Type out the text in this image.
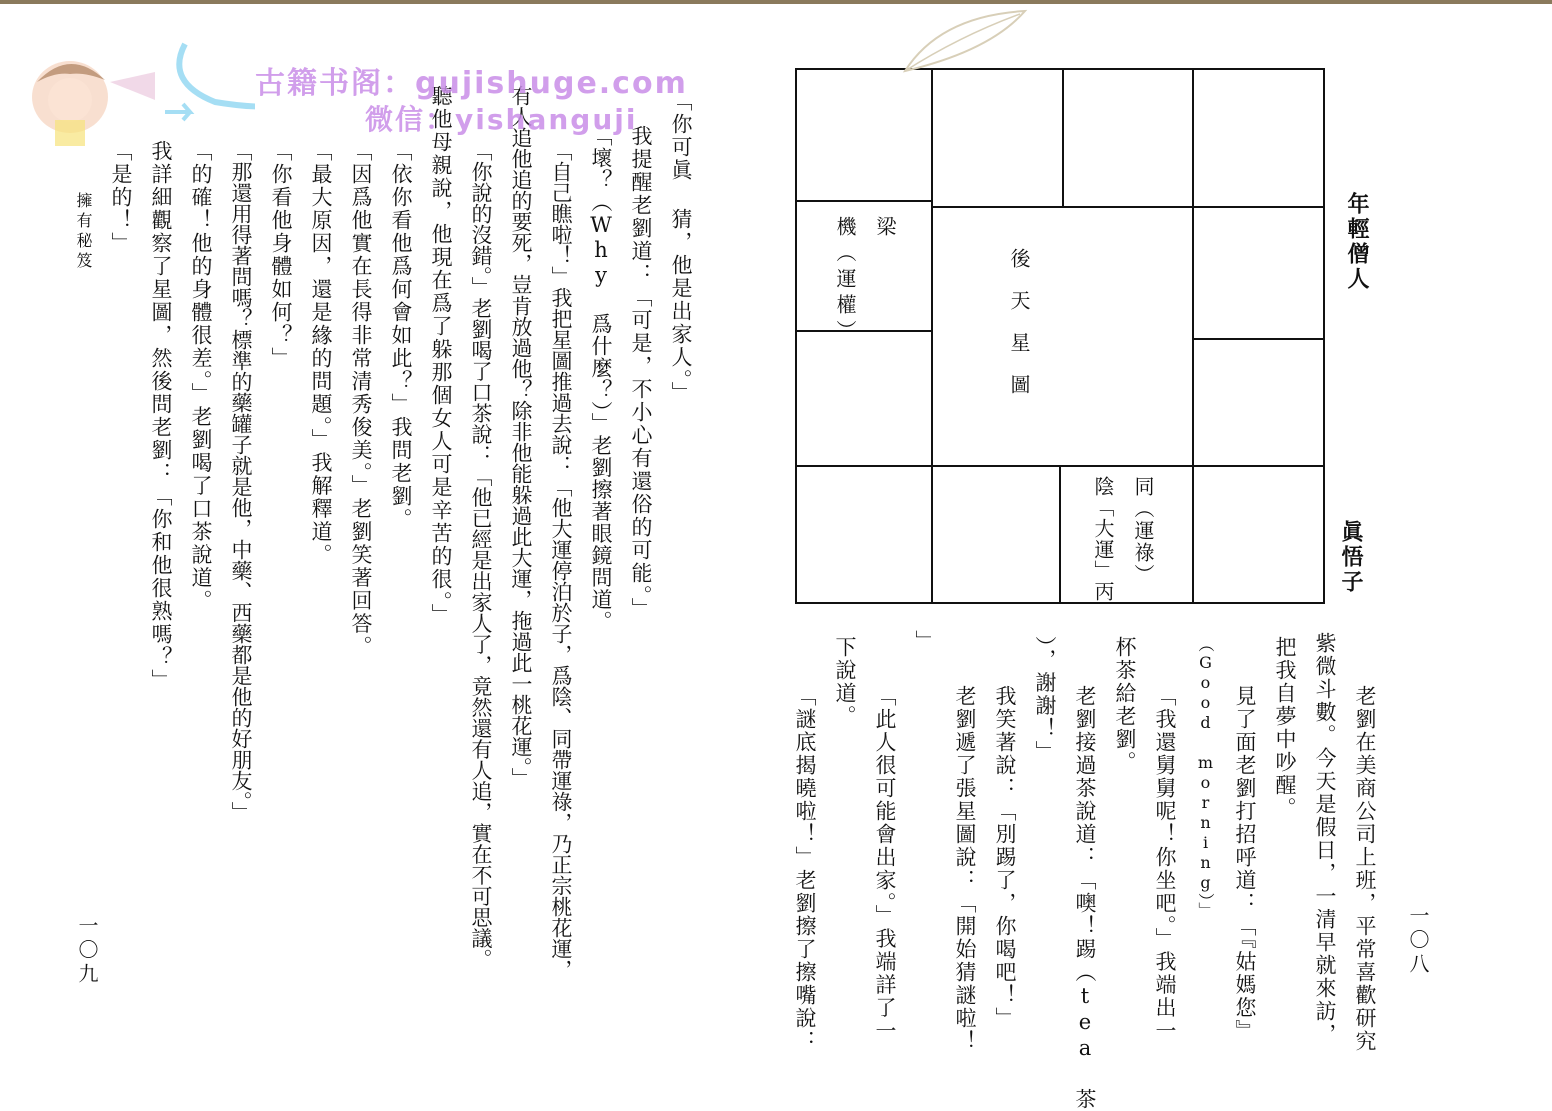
年輕僧人
眞悟子
一〇八
後天星圖
梁
機（運權）
同（運祿）
陰「大運」丙
老劉在美商公司上班，平常喜歡研究
紫微斗數。今天是假日，一清早就來訪，
把我自夢中吵醒。
見了面老劉打招呼道：「『姑媽您』
（Good morning）」
「我還舅舅呢！你坐吧。」我端出一
杯茶給老劉。
老劉接過茶說道：「噢！踢（tea 茶
），謝謝！」
我笑著說：「別踢了，你喝吧！」
老劉遞了張星圖說：「開始猜謎啦！
」
「此人很可能會出家。」我端詳了一
下說道。
「謎底揭曉啦！」老劉擦了擦嘴說：
「你可眞 猜，他是出家人。」
我提醒老劉道：「可是，不小心有還俗的可能。」
「壞？（Why 爲什麼？）」老劉擦著眼鏡問道。
「自己瞧啦！」我把星圖推過去說：「他大運停泊於子，爲陰、同帶運祿，乃正宗桃花運，
有人追他追的要死，豈肯放過他？除非他能躲過此大運，拖過此一桃花運。」
「你說的沒錯。」老劉喝了口茶說：「他已經是出家人了，竟然還有人追，實在不可思議。
聽他母親說，他現在爲了躲那個女人可是辛苦的很。」
「依你看他爲何會如此？」我問老劉。
「因爲他實在長得非常清秀俊美。」老劉笑著回答。
「最大原因，還是緣的問題。」我解釋道。
「你看他身體如何？」
「那還用得著問嗎？標準的藥罐子就是他，中藥、西藥都是他的好朋友。」
「的確！他的身體很差。」老劉喝了口茶說道。
我詳細觀察了星圖，然後問老劉：「你和他很熟嗎？」
「是的！」
擁有秘笈
一〇九
古籍书阁：gujishuge.com
微信：yishanguji
